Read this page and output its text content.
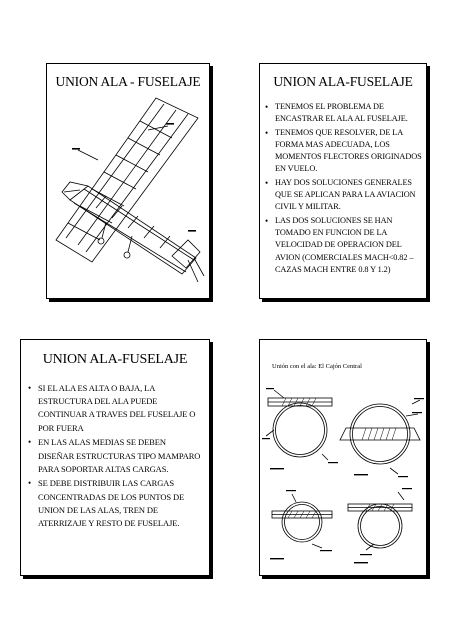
UNION ALA - FUSELAJE	UNION ALA-FUSELAJE
• TENEMOS EL PROBLEMA DE ENCASTRAR EL ALA AL FUSELAJE.
• TENEMOS QUE RESOLVER, DE LA FORMA MAS ADECUADA, LOS MOMENTOS FLECTORES ORIGINADOS EN VUELO.
• HAY DOS SOLUCIONES GENERALES QUE SE APLICAN PARA LA AVIACION CIVIL Y MILITAR.
• LAS DOS SOLUCIONES SE HAN TOMADO EN FUNCION DE LA VELOCIDAD DE OPERACION DEL AVION (COMERCIALES MACH<0.82 – CAZAS MACH ENTRE 0.8 Y 1.2)
UNION ALA-FUSELAJE
• SI EL ALA ES ALTA O BAJA, LA ESTRUCTURA DEL ALA PUEDE CONTINUAR A TRAVES DEL FUSELAJE O POR FUERA
• EN LAS ALAS MEDIAS SE DEBEN DISEÑAR ESTRUCTURAS TIPO MAMPARO PARA SOPORTAR ALTAS CARGAS.
• SE DEBE DISTRIBUIR LAS CARGAS CONCENTRADAS DE LOS PUNTOS DE UNION DE LAS ALAS, TREN DE ATERRIZAJE Y RESTO DE FUSELAJE.
Unión con el ala: El Cajón Central
